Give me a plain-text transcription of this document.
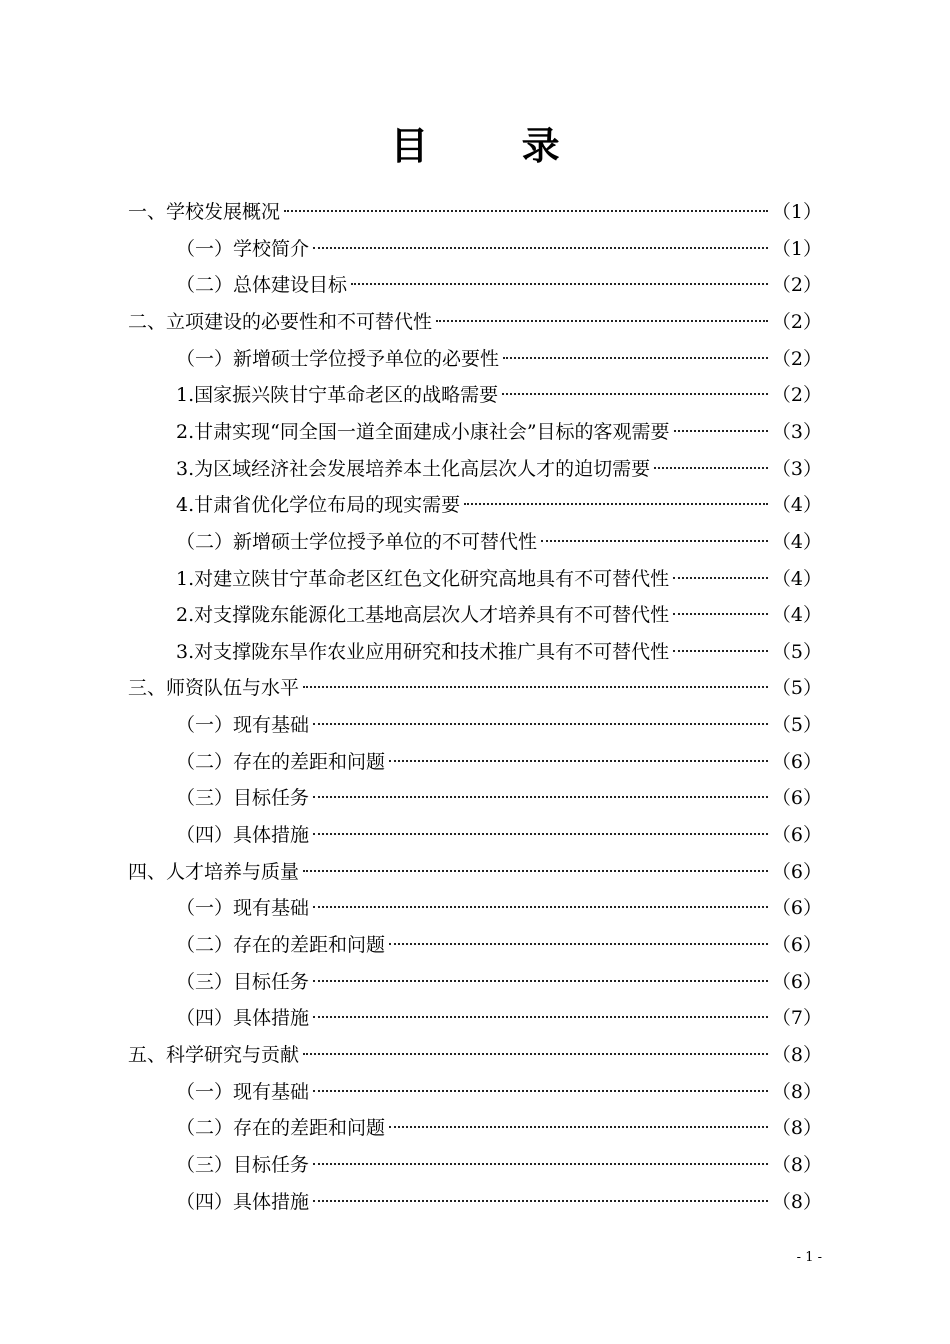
目 录
一、学校发展概况	（1）
（一）学校简介	（1）
（二）总体建设目标	（2）
二、立项建设的必要性和不可替代性	（2）
（一）新增硕士学位授予单位的必要性	（2）
1.国家振兴陕甘宁革命老区的战略需要	（2）
2.甘肃实现“同全国一道全面建成小康社会”目标的客观需要	（3）
3.为区域经济社会发展培养本土化高层次人才的迫切需要	（3）
4.甘肃省优化学位布局的现实需要	（4）
（二）新增硕士学位授予单位的不可替代性	（4）
1.对建立陕甘宁革命老区红色文化研究高地具有不可替代性	（4）
2.对支撑陇东能源化工基地高层次人才培养具有不可替代性	（4）
3.对支撑陇东旱作农业应用研究和技术推广具有不可替代性	（5）
三、师资队伍与水平	（5）
（一）现有基础	（5）
（二）存在的差距和问题	（6）
（三）目标任务	（6）
（四）具体措施	（6）
四、人才培养与质量	（6）
（一）现有基础	（6）
（二）存在的差距和问题	（6）
（三）目标任务	（6）
（四）具体措施	（7）
五、科学研究与贡献	（8）
（一）现有基础	（8）
（二）存在的差距和问题	（8）
（三）目标任务	（8）
（四）具体措施	（8）
- 1 -
